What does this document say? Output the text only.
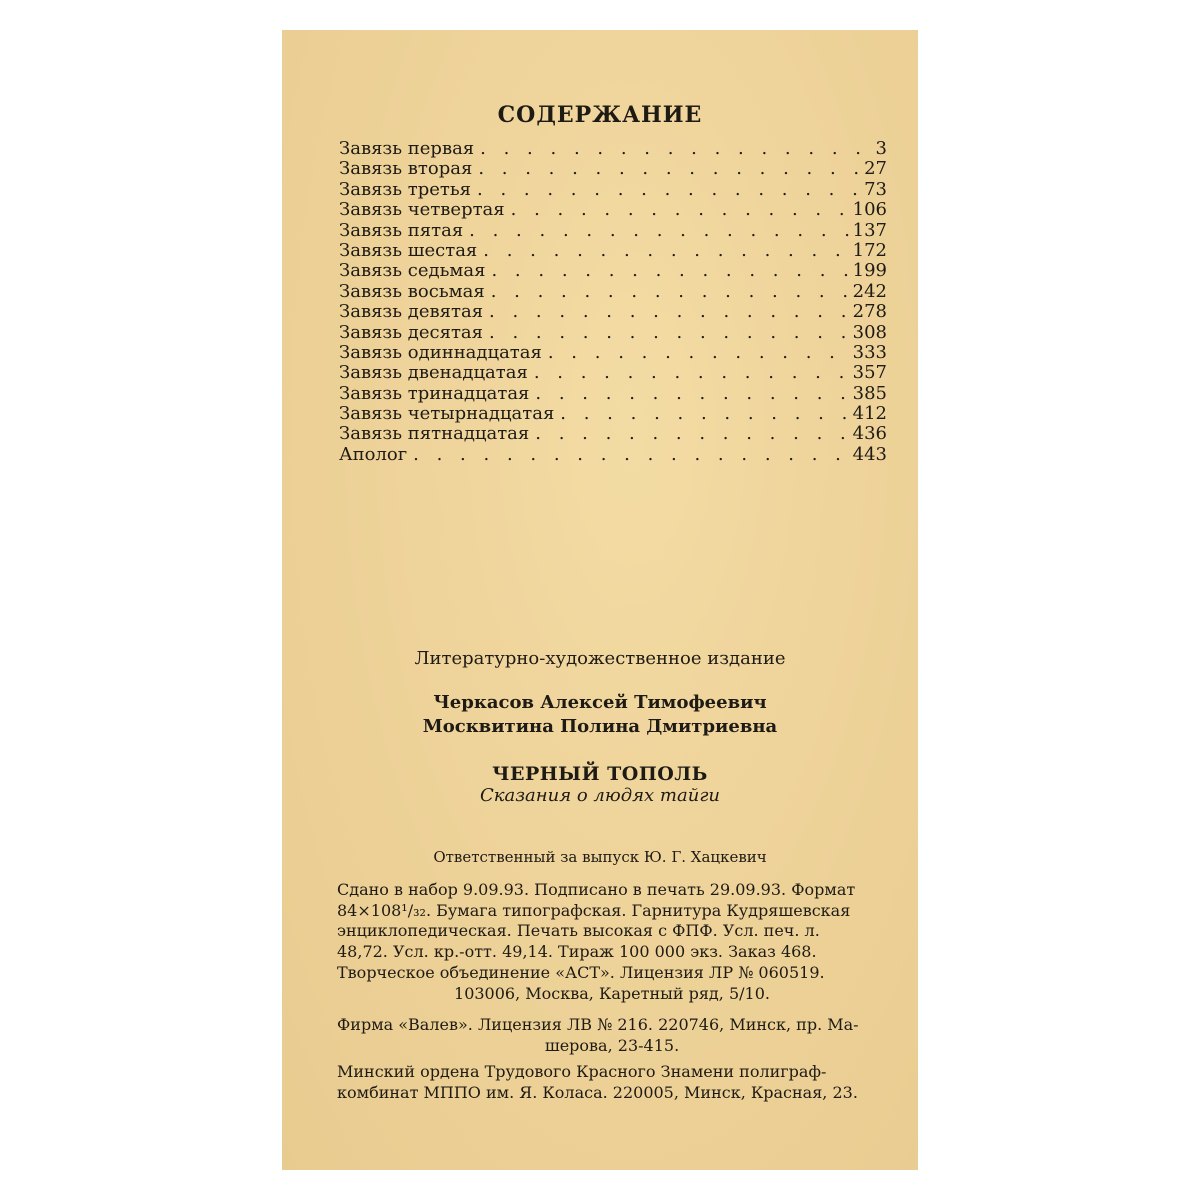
СОДЕРЖАНИЕ
Завязь первая . . .	3
Завязь вторая . . .	27
Завязь третья . . .	73
Завязь четвертая . . .	106
Завязь пятая . . .	137
Завязь шестая . . .	172
Завязь седьмая . . .	199
Завязь восьмая . . .	242
Завязь девятая . . .	278
Завязь десятая . . .	308
Завязь одиннадцатая . . .	333
Завязь двенадцатая . . .	357
Завязь тринадцатая . . .	385
Завязь четырнадцатая . . .	412
Завязь пятнадцатая . . .	436
Аполог . . .	443
Литературно-художественное издание
Черкасов Алексей Тимофеевич
Москвитина Полина Дмитриевна
ЧЕРНЫЙ ТОПОЛЬ
Сказания о людях тайги
Ответственный за выпуск Ю. Г. Хацкевич
Сдано в набор 9.09.93. Подписано в печать 29.09.93. Формат
84×108¹/₃₂. Бумага типографская. Гарнитура Кудряшевская
энциклопедическая. Печать высокая с ФПФ. Усл. печ. л.
48,72. Усл. кр.-отт. 49,14. Тираж 100 000 экз. Заказ 468.
Творческое объединение «АСТ». Лицензия ЛР № 060519.
103006, Москва, Каретный ряд, 5/10.
Фирма «Валев». Лицензия ЛВ № 216. 220746, Минск, пр. Ма-
шерова, 23-415.
Минский ордена Трудового Красного Знамени полиграф-
комбинат МППО им. Я. Коласа. 220005, Минск, Красная, 23.
